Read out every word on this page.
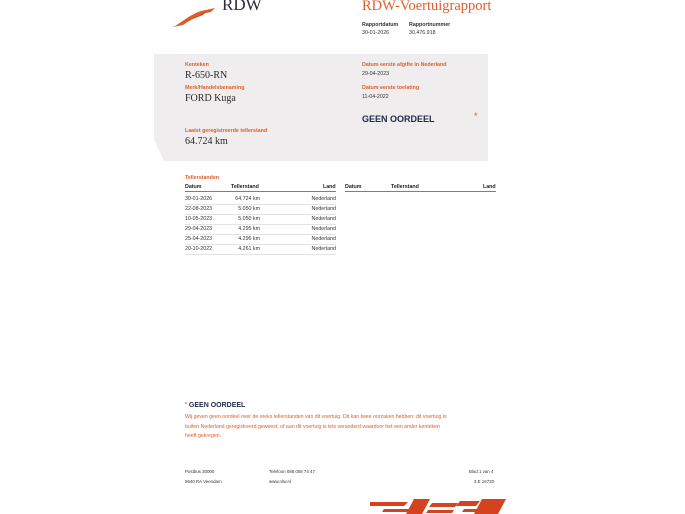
RDW	RDW-Voertuigrapport
Rapportdatum
30-01-2026
Rapportnummer
30.476.918
Kenteken
R-650-RN
Merk/Handelsbenaming
FORD Kuga
Datum eerste afgifte in Nederland
29-04-2023
Datum eerste toelating
11-04-2022
GEEN OORDEEL	*
Laatst geregistreerde tellerstand
64.724 km
Tellerstanden
Datum	Tellerstand	Land Datum	Tellerstand	Land
30-01-2026	64.724 km	Nederland
22-08-2023	5.050 km	Nederland
10-05-2023	5.050 km	Nederland
29-04-2023	4.295 km	Nederland
25-04-2023	4.296 km	Nederland
20-10-2022	4.261 km	Nederland
* GEEN OORDEEL
Wij geven geen oordeel over de reeks tellerstanden van dit voertuig. Dit kan twee oorzaken hebben: dit voertuig is
buiten Nederland geregistreerd geweest, of aan dit voertuig is iets veranderd waardoor het een ander kenteken
heeft gekregen.
Postbus 30000
9640 RA Veendam
Telefoon 088 008 74 47
www.rdw.nl
Blad 1 van 4
3.E 16730
